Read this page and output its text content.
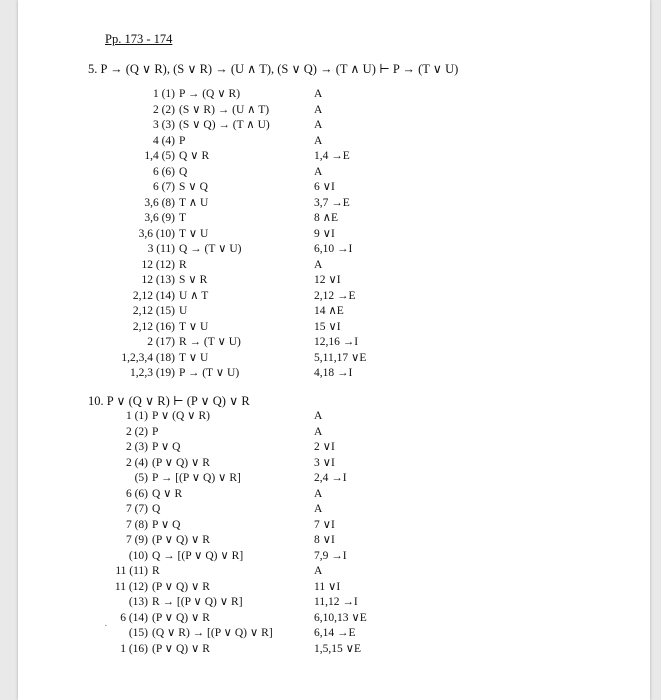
Pp. 173 - 174
5. P → (Q ∨ R), (S ∨ R) → (U ∧ T), (S ∨ Q) → (T ∧ U) ⊢ P → (T ∨ U)
1 (1) P → (Q ∨ R)	A
2 (2) (S ∨ R) → (U ∧ T)	A
3 (3) (S ∨ Q) → (T ∧ U)	A
4 (4) P	A
1,4 (5) Q ∨ R	1,4 →E
6 (6) Q	A
6 (7) S ∨ Q	6 ∨I
3,6 (8) T ∧ U	3,7 →E
3,6 (9) T	8 ∧E
3,6 (10) T ∨ U	9 ∨I
3 (11) Q → (T ∨ U)	6,10 →I
12 (12) R	A
12 (13) S ∨ R	12 ∨I
2,12 (14) U ∧ T	2,12 →E
2,12 (15) U	14 ∧E
2,12 (16) T ∨ U	15 ∨I
2 (17) R → (T ∨ U)	12,16 →I
1,2,3,4 (18) T ∨ U	5,11,17 ∨E
1,2,3 (19) P → (T ∨ U)	4,18 →I
10. P ∨ (Q ∨ R) ⊢ (P ∨ Q) ∨ R
1 (1) P ∨ (Q ∨ R)	A
2 (2) P	A
2 (3) P ∨ Q	2 ∨I
2 (4) (P ∨ Q) ∨ R	3 ∨I
(5) P → [(P ∨ Q) ∨ R]	2,4 →I
6 (6) Q ∨ R	A
7 (7) Q	A
7 (8) P ∨ Q	7 ∨I
7 (9) (P ∨ Q) ∨ R	8 ∨I
(10) Q → [(P ∨ Q) ∨ R]	7,9 →I
11 (11) R	A
11 (12) (P ∨ Q) ∨ R	11 ∨I
(13) R → [(P ∨ Q) ∨ R]	11,12 →I
6 (14) (P ∨ Q) ∨ R	6,10,13 ∨E
(15) (Q ∨ R) → [(P ∨ Q) ∨ R]	6,14 →E
1 (16) (P ∨ Q) ∨ R	1,5,15 ∨E
·
